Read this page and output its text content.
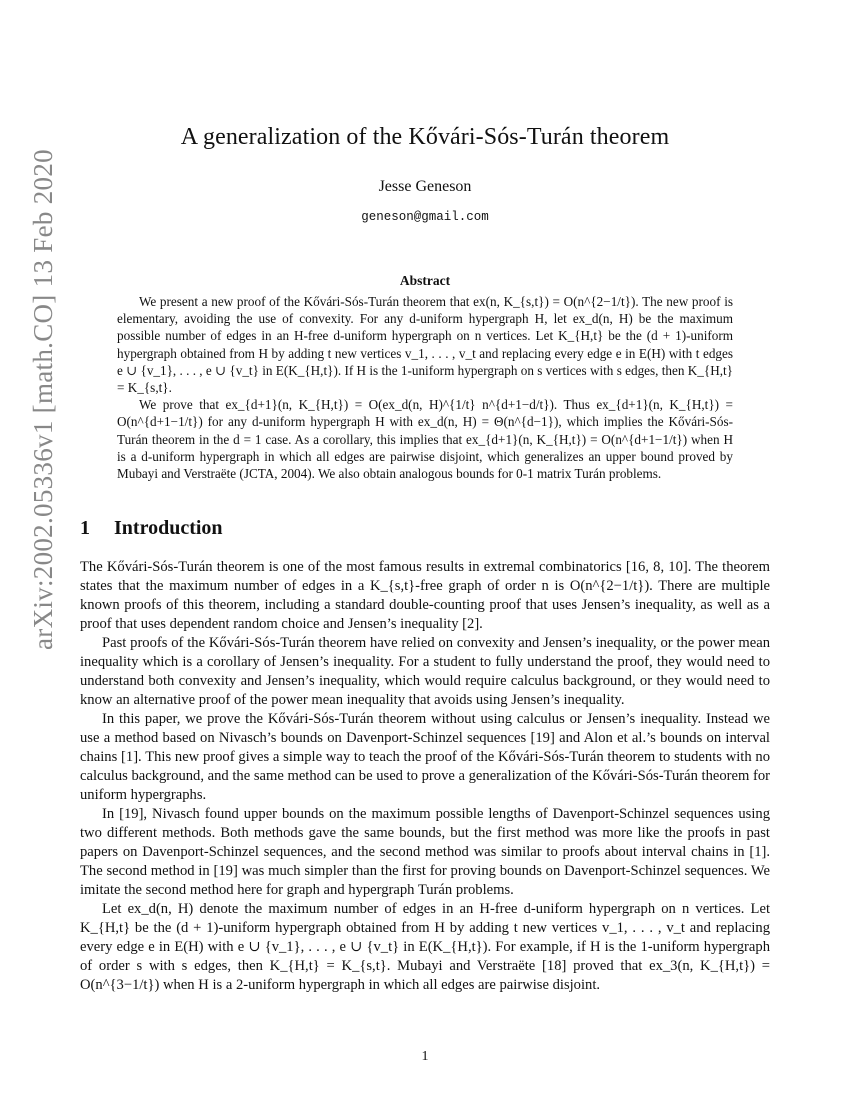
arXiv:2002.05336v1 [math.CO] 13 Feb 2020
A generalization of the Kővári-Sós-Turán theorem
Jesse Geneson
geneson@gmail.com
Abstract

We present a new proof of the Kővári-Sós-Turán theorem that ex(n, K_{s,t}) = O(n^{2−1/t}). The new proof is elementary, avoiding the use of convexity. For any d-uniform hypergraph H, let ex_d(n, H) be the maximum possible number of edges in an H-free d-uniform hypergraph on n vertices. Let K_{H,t} be the (d + 1)-uniform hypergraph obtained from H by adding t new vertices v_1, . . . , v_t and replacing every edge e in E(H) with t edges e ∪ {v_1}, . . . , e ∪ {v_t} in E(K_{H,t}). If H is the 1-uniform hypergraph on s vertices with s edges, then K_{H,t} = K_{s,t}.

We prove that ex_{d+1}(n, K_{H,t}) = O(ex_d(n, H)^{1/t} n^{d+1−d/t}). Thus ex_{d+1}(n, K_{H,t}) = O(n^{d+1−1/t}) for any d-uniform hypergraph H with ex_d(n, H) = Θ(n^{d−1}), which implies the Kővári-Sós-Turán theorem in the d = 1 case. As a corollary, this implies that ex_{d+1}(n, K_{H,t}) = O(n^{d+1−1/t}) when H is a d-uniform hypergraph in which all edges are pairwise disjoint, which generalizes an upper bound proved by Mubayi and Verstraëte (JCTA, 2004). We also obtain analogous bounds for 0-1 matrix Turán problems.

1 Introduction

The Kővári-Sós-Turán theorem is one of the most famous results in extremal combinatorics [16, 8, 10]. The theorem states that the maximum number of edges in a K_{s,t}-free graph of order n is O(n^{2−1/t}). There are multiple known proofs of this theorem, including a standard double-counting proof that uses Jensen’s inequality, as well as a proof that uses dependent random choice and Jensen’s inequality [2].

Past proofs of the Kővári-Sós-Turán theorem have relied on convexity and Jensen’s inequality, or the power mean inequality which is a corollary of Jensen’s inequality. For a student to fully understand the proof, they would need to understand both convexity and Jensen’s inequality, which would require calculus background, or they would need to know an alternative proof of the power mean inequality that avoids using Jensen’s inequality.

In this paper, we prove the Kővári-Sós-Turán theorem without using calculus or Jensen’s inequality. Instead we use a method based on Nivasch’s bounds on Davenport-Schinzel sequences [19] and Alon et al.’s bounds on interval chains [1]. This new proof gives a simple way to teach the proof of the Kővári-Sós-Turán theorem to students with no calculus background, and the same method can be used to prove a generalization of the Kővári-Sós-Turán theorem for uniform hypergraphs.

In [19], Nivasch found upper bounds on the maximum possible lengths of Davenport-Schinzel sequences using two different methods. Both methods gave the same bounds, but the first method was more like the proofs in past papers on Davenport-Schinzel sequences, and the second method was similar to proofs about interval chains in [1]. The second method in [19] was much simpler than the first for proving bounds on Davenport-Schinzel sequences. We imitate the second method here for graph and hypergraph Turán problems.

Let ex_d(n, H) denote the maximum number of edges in an H-free d-uniform hypergraph on n vertices. Let K_{H,t} be the (d + 1)-uniform hypergraph obtained from H by adding t new vertices v_1, . . . , v_t and replacing every edge e in E(H) with e ∪ {v_1}, . . . , e ∪ {v_t} in E(K_{H,t}). For example, if H is the 1-uniform hypergraph of order s with s edges, then K_{H,t} = K_{s,t}. Mubayi and Verstraëte [18] proved that ex_3(n, K_{H,t}) = O(n^{3−1/t}) when H is a 2-uniform hypergraph in which all edges are pairwise disjoint.

1
